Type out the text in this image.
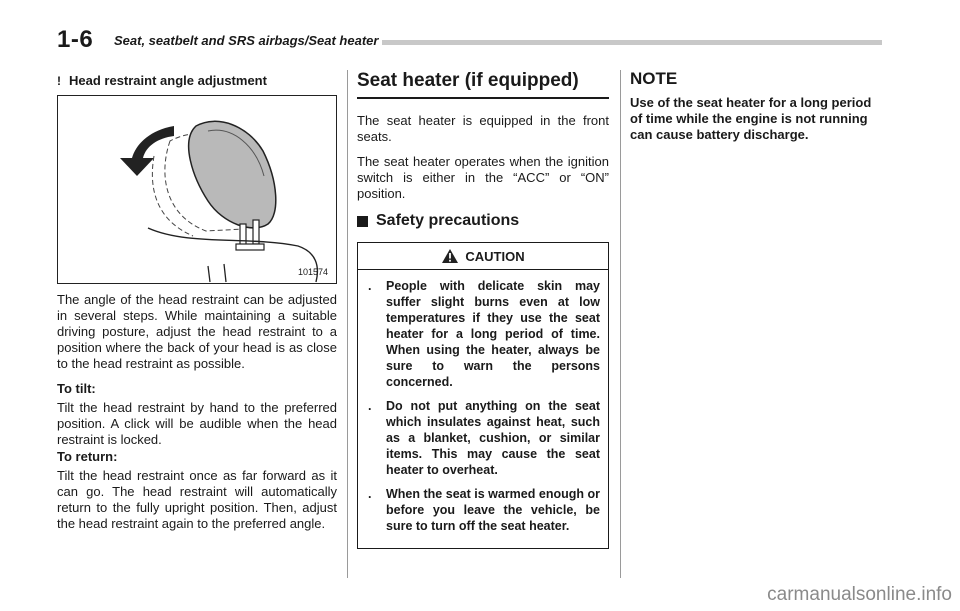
1-6 Seat, seatbelt and SRS airbags/Seat heater
! Head restraint angle adjustment
101574

The angle of the head restraint can be adjusted in several steps. While maintaining a suitable driving posture, adjust the head restraint to a position where the back of your head is as close to the head restraint as possible.

To tilt:

Tilt the head restraint by hand to the preferred position. A click will be audible when the head restraint is locked.

To return:

Tilt the head restraint once as far forward as it can go. The head restraint will automatically return to the fully upright position. Then, adjust the head restraint again to the preferred angle.

Seat heater (if equipped)

The seat heater is equipped in the front seats.

The seat heater operates when the ignition switch is either in the “ACC” or “ON” position.

Safety precautions
CAUTION
.	People with delicate skin may suffer slight burns even at low temperatures if they use the seat heater for a long period of time. When using the heater, always be sure to warn the persons concerned.
.	Do not put anything on the seat which insulates against heat, such as a blanket, cushion, or similar items. This may cause the seat heater to overheat.
.	When the seat is warmed enough or before you leave the vehicle, be sure to turn off the seat heater.

NOTE

Use of the seat heater for a long period of time while the engine is not running can cause battery discharge.

carmanualsonline.info
